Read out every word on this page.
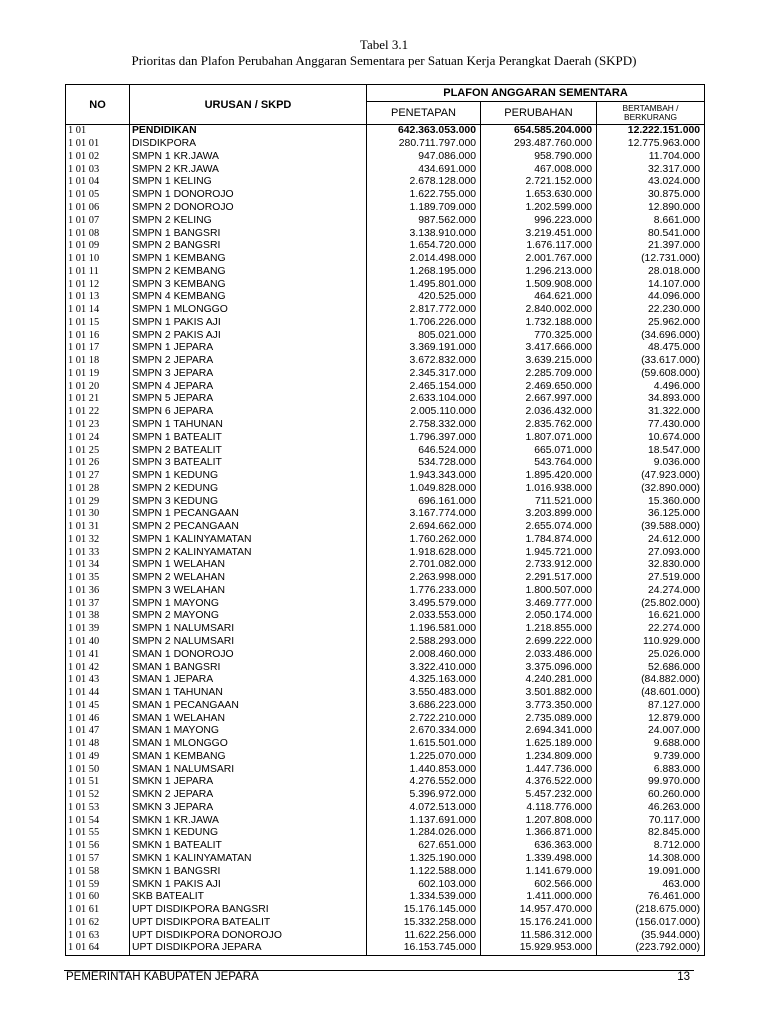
Tabel 3.1
Prioritas dan Plafon Perubahan Anggaran Sementara per Satuan Kerja Perangkat Daerah (SKPD)
NO	URUSAN / SKPD	PLAFON ANGGARAN SEMENTARA		
		PENETAPAN	PERUBAHAN	BERTAMBAH /
BERKURANG
1 01	PENDIDIKAN	642.363.053.000	654.585.204.000	12.222.151.000
1 01 01	DISDIKPORA	280.711.797.000	293.487.760.000	12.775.963.000
1 01 02	SMPN 1 KR.JAWA	947.086.000	958.790.000	11.704.000
1 01 03	SMPN 2 KR.JAWA	434.691.000	467.008.000	32.317.000
1 01 04	SMPN 1 KELING	2.678.128.000	2.721.152.000	43.024.000
1 01 05	SMPN 1 DONOROJO	1.622.755.000	1.653.630.000	30.875.000
1 01 06	SMPN 2 DONOROJO	1.189.709.000	1.202.599.000	12.890.000
1 01 07	SMPN 2 KELING	987.562.000	996.223.000	8.661.000
1 01 08	SMPN 1 BANGSRI	3.138.910.000	3.219.451.000	80.541.000
1 01 09	SMPN 2 BANGSRI	1.654.720.000	1.676.117.000	21.397.000
1 01 10	SMPN 1 KEMBANG	2.014.498.000	2.001.767.000	(12.731.000)
1 01 11	SMPN 2 KEMBANG	1.268.195.000	1.296.213.000	28.018.000
1 01 12	SMPN 3 KEMBANG	1.495.801.000	1.509.908.000	14.107.000
1 01 13	SMPN 4 KEMBANG	420.525.000	464.621.000	44.096.000
1 01 14	SMPN 1 MLONGGO	2.817.772.000	2.840.002.000	22.230.000
1 01 15	SMPN 1 PAKIS AJI	1.706.226.000	1.732.188.000	25.962.000
1 01 16	SMPN 2 PAKIS AJI	805.021.000	770.325.000	(34.696.000)
1 01 17	SMPN 1 JEPARA	3.369.191.000	3.417.666.000	48.475.000
1 01 18	SMPN 2 JEPARA	3.672.832.000	3.639.215.000	(33.617.000)
1 01 19	SMPN 3 JEPARA	2.345.317.000	2.285.709.000	(59.608.000)
1 01 20	SMPN 4 JEPARA	2.465.154.000	2.469.650.000	4.496.000
1 01 21	SMPN 5 JEPARA	2.633.104.000	2.667.997.000	34.893.000
1 01 22	SMPN 6 JEPARA	2.005.110.000	2.036.432.000	31.322.000
1 01 23	SMPN 1 TAHUNAN	2.758.332.000	2.835.762.000	77.430.000
1 01 24	SMPN 1 BATEALIT	1.796.397.000	1.807.071.000	10.674.000
1 01 25	SMPN 2 BATEALIT	646.524.000	665.071.000	18.547.000
1 01 26	SMPN 3 BATEALIT	534.728.000	543.764.000	9.036.000
1 01 27	SMPN 1 KEDUNG	1.943.343.000	1.895.420.000	(47.923.000)
1 01 28	SMPN 2 KEDUNG	1.049.828.000	1.016.938.000	(32.890.000)
1 01 29	SMPN 3 KEDUNG	696.161.000	711.521.000	15.360.000
1 01 30	SMPN 1 PECANGAAN	3.167.774.000	3.203.899.000	36.125.000
1 01 31	SMPN 2 PECANGAAN	2.694.662.000	2.655.074.000	(39.588.000)
1 01 32	SMPN 1 KALINYAMATAN	1.760.262.000	1.784.874.000	24.612.000
1 01 33	SMPN 2 KALINYAMATAN	1.918.628.000	1.945.721.000	27.093.000
1 01 34	SMPN 1 WELAHAN	2.701.082.000	2.733.912.000	32.830.000
1 01 35	SMPN 2 WELAHAN	2.263.998.000	2.291.517.000	27.519.000
1 01 36	SMPN 3 WELAHAN	1.776.233.000	1.800.507.000	24.274.000
1 01 37	SMPN 1 MAYONG	3.495.579.000	3.469.777.000	(25.802.000)
1 01 38	SMPN 2 MAYONG	2.033.553.000	2.050.174.000	16.621.000
1 01 39	SMPN 1 NALUMSARI	1.196.581.000	1.218.855.000	22.274.000
1 01 40	SMPN 2 NALUMSARI	2.588.293.000	2.699.222.000	110.929.000
1 01 41	SMAN 1 DONOROJO	2.008.460.000	2.033.486.000	25.026.000
1 01 42	SMAN 1 BANGSRI	3.322.410.000	3.375.096.000	52.686.000
1 01 43	SMAN 1 JEPARA	4.325.163.000	4.240.281.000	(84.882.000)
1 01 44	SMAN 1 TAHUNAN	3.550.483.000	3.501.882.000	(48.601.000)
1 01 45	SMAN 1 PECANGAAN	3.686.223.000	3.773.350.000	87.127.000
1 01 46	SMAN 1 WELAHAN	2.722.210.000	2.735.089.000	12.879.000
1 01 47	SMAN 1 MAYONG	2.670.334.000	2.694.341.000	24.007.000
1 01 48	SMAN 1 MLONGGO	1.615.501.000	1.625.189.000	9.688.000
1 01 49	SMAN 1 KEMBANG	1.225.070.000	1.234.809.000	9.739.000
1 01 50	SMAN 1 NALUMSARI	1.440.853.000	1.447.736.000	6.883.000
1 01 51	SMKN 1 JEPARA	4.276.552.000	4.376.522.000	99.970.000
1 01 52	SMKN 2 JEPARA	5.396.972.000	5.457.232.000	60.260.000
1 01 53	SMKN 3 JEPARA	4.072.513.000	4.118.776.000	46.263.000
1 01 54	SMKN 1 KR.JAWA	1.137.691.000	1.207.808.000	70.117.000
1 01 55	SMKN 1 KEDUNG	1.284.026.000	1.366.871.000	82.845.000
1 01 56	SMKN 1 BATEALIT	627.651.000	636.363.000	8.712.000
1 01 57	SMKN 1 KALINYAMATAN	1.325.190.000	1.339.498.000	14.308.000
1 01 58	SMKN 1 BANGSRI	1.122.588.000	1.141.679.000	19.091.000
1 01 59	SMKN 1 PAKIS AJI	602.103.000	602.566.000	463.000
1 01 60	SKB BATEALIT	1.334.539.000	1.411.000.000	76.461.000
1 01 61	UPT DISDIKPORA BANGSRI	15.176.145.000	14.957.470.000	(218.675.000)
1 01 62	UPT DISDIKPORA BATEALIT	15.332.258.000	15.176.241.000	(156.017.000)
1 01 63	UPT DISDIKPORA DONOROJO	11.622.256.000	11.586.312.000	(35.944.000)
1 01 64	UPT DISDIKPORA JEPARA	16.153.745.000	15.929.953.000	(223.792.000)
PEMERINTAH KABUPATEN JEPARA	13
